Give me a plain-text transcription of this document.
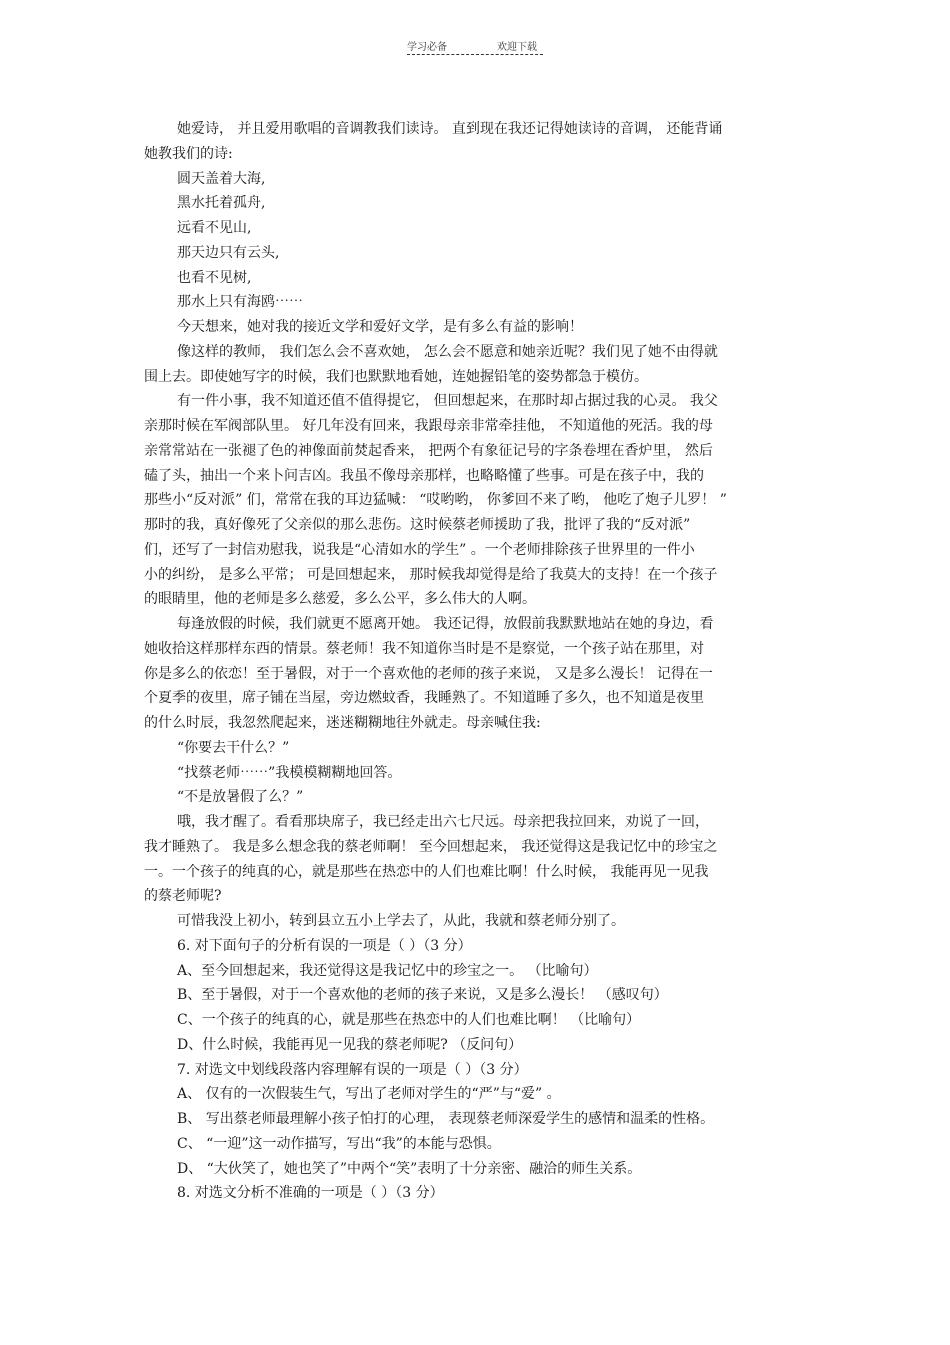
学习必备	欢迎下载
她爱诗， 并且爱用歌唱的音调教我们读诗。 直到现在我还记得她读诗的音调， 还能背诵
她教我们的诗:
圆天盖着大海,
黑水托着孤舟,
远看不见山,
那天边只有云头,
也看不见树,
那水上只有海鸥⋯⋯
今天想来，她对我的接近文学和爱好文学，是有多么有益的影响！
像这样的教师， 我们怎么会不喜欢她， 怎么会不愿意和她亲近呢？我们见了她不由得就
围上去。即使她写字的时候，我们也默默地看她，连她握铅笔的姿势都急于模仿。
有一件小事，我不知道还值不值得提它， 但回想起来，在那时却占据过我的心灵。 我父
亲那时候在军阀部队里。 好几年没有回来，我跟母亲非常牵挂他， 不知道他的死活。我的母
亲常常站在一张褪了色的神像面前焚起香来， 把两个有象征记号的字条卷埋在香炉里， 然后
磕了头，抽出一个来卜问吉凶。我虽不像母亲那样，也略略懂了些事。可是在孩子中，我的
那些小“反对派” 们，常常在我的耳边猛喊： “哎哟哟， 你爹回不来了哟， 他吃了炮子儿罗！ ”
那时的我，真好像死了父亲似的那么悲伤。这时候蔡老师援助了我，批评了我的“反对派”
们，还写了一封信劝慰我，说我是“心清如水的学生” 。一个老师排除孩子世界里的一件小
小的纠纷， 是多么平常； 可是回想起来， 那时候我却觉得是给了我莫大的支持！在一个孩子
的眼睛里，他的老师是多么慈爱，多么公平，多么伟大的人啊。
每逢放假的时候，我们就更不愿离开她。 我还记得，放假前我默默地站在她的身边，看
她收拾这样那样东西的情景。蔡老师！我不知道你当时是不是察觉，一个孩子站在那里，对
你是多么的依恋！至于暑假，对于一个喜欢他的老师的孩子来说， 又是多么漫长！ 记得在一
个夏季的夜里，席子铺在当屋，旁边燃蚊香，我睡熟了。不知道睡了多久，也不知道是夜里
的什么时辰，我忽然爬起来，迷迷糊糊地往外就走。母亲喊住我:
“你要去干什么？”
“找蔡老师⋯⋯”我模模糊糊地回答。
“不是放暑假了么？”
哦，我才醒了。看看那块席子，我已经走出六七尺远。母亲把我拉回来，劝说了一回，
我才睡熟了。 我是多么想念我的蔡老师啊！ 至今回想起来， 我还觉得这是我记忆中的珍宝之
一。一个孩子的纯真的心，就是那些在热恋中的人们也难比啊！什么时候， 我能再见一见我
的蔡老师呢?
可惜我没上初小，转到县立五小上学去了，从此，我就和蔡老师分别了。
6. 对下面句子的分析有误的一项是（ ）（3 分）
A、至今回想起来，我还觉得这是我记忆中的珍宝之一。 （比喻句）
B、至于暑假，对于一个喜欢他的老师的孩子来说，又是多么漫长！ （感叹句）
C、一个孩子的纯真的心，就是那些在热恋中的人们也难比啊！ （比喻句）
D、什么时候，我能再见一见我的蔡老师呢? （反问句）
7. 对选文中划线段落内容理解有误的一项是（ ）（3 分）
A、 仅有的一次假装生气，写出了老师对学生的“严”与“爱” 。
B、 写出蔡老师最理解小孩子怕打的心理， 表现蔡老师深爱学生的感情和温柔的性格。
C、 “一迎”这一动作描写，写出“我”的本能与恐惧。
D、 “大伙笑了，她也笑了”中两个“笑”表明了十分亲密、融洽的师生关系。
8. 对选文分析不准确的一项是（ ）（3 分）
